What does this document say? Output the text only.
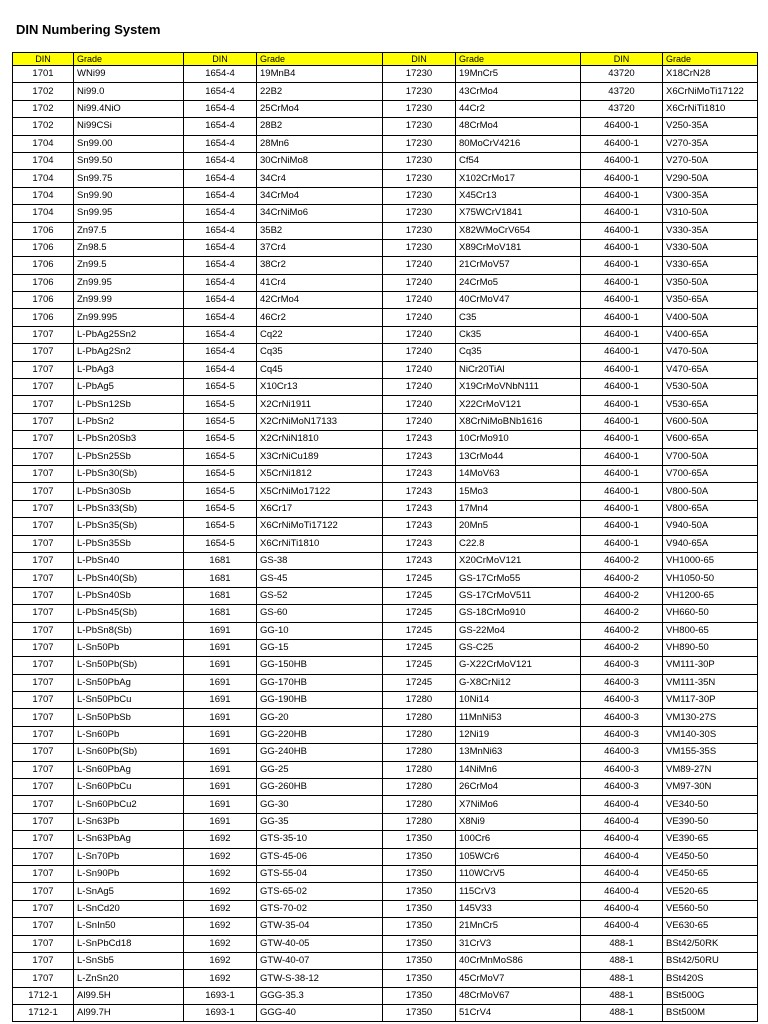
DIN Numbering System
DIN	Grade	DIN	Grade	DIN	Grade	DIN	Grade
1701	WNi99	1654-4	19MnB4	17230	19MnCr5	43720	X18CrN28
1702	Ni99.0	1654-4	22B2	17230	43CrMo4	43720	X6CrNiMoTi17122
1702	Ni99.4NiO	1654-4	25CrMo4	17230	44Cr2	43720	X6CrNiTi1810
1702	Ni99CSi	1654-4	28B2	17230	48CrMo4	46400-1	V250-35A
1704	Sn99.00	1654-4	28Mn6	17230	80MoCrV4216	46400-1	V270-35A
1704	Sn99.50	1654-4	30CrNiMo8	17230	Cf54	46400-1	V270-50A
1704	Sn99.75	1654-4	34Cr4	17230	X102CrMo17	46400-1	V290-50A
1704	Sn99.90	1654-4	34CrMo4	17230	X45Cr13	46400-1	V300-35A
1704	Sn99.95	1654-4	34CrNiMo6	17230	X75WCrV1841	46400-1	V310-50A
1706	Zn97.5	1654-4	35B2	17230	X82WMoCrV654	46400-1	V330-35A
1706	Zn98.5	1654-4	37Cr4	17230	X89CrMoV181	46400-1	V330-50A
1706	Zn99.5	1654-4	38Cr2	17240	21CrMoV57	46400-1	V330-65A
1706	Zn99.95	1654-4	41Cr4	17240	24CrMo5	46400-1	V350-50A
1706	Zn99.99	1654-4	42CrMo4	17240	40CrMoV47	46400-1	V350-65A
1706	Zn99.995	1654-4	46Cr2	17240	C35	46400-1	V400-50A
1707	L-PbAg25Sn2	1654-4	Cq22	17240	Ck35	46400-1	V400-65A
1707	L-PbAg2Sn2	1654-4	Cq35	17240	Cq35	46400-1	V470-50A
1707	L-PbAg3	1654-4	Cq45	17240	NiCr20TiAl	46400-1	V470-65A
1707	L-PbAg5	1654-5	X10Cr13	17240	X19CrMoVNbN111	46400-1	V530-50A
1707	L-PbSn12Sb	1654-5	X2CrNi1911	17240	X22CrMoV121	46400-1	V530-65A
1707	L-PbSn2	1654-5	X2CrNiMoN17133	17240	X8CrNiMoBNb1616	46400-1	V600-50A
1707	L-PbSn20Sb3	1654-5	X2CrNiN1810	17243	10CrMo910	46400-1	V600-65A
1707	L-PbSn25Sb	1654-5	X3CrNiCu189	17243	13CrMo44	46400-1	V700-50A
1707	L-PbSn30(Sb)	1654-5	X5CrNi1812	17243	14MoV63	46400-1	V700-65A
1707	L-PbSn30Sb	1654-5	X5CrNiMo17122	17243	15Mo3	46400-1	V800-50A
1707	L-PbSn33(Sb)	1654-5	X6Cr17	17243	17Mn4	46400-1	V800-65A
1707	L-PbSn35(Sb)	1654-5	X6CrNiMoTi17122	17243	20Mn5	46400-1	V940-50A
1707	L-PbSn35Sb	1654-5	X6CrNiTi1810	17243	C22.8	46400-1	V940-65A
1707	L-PbSn40	1681	GS-38	17243	X20CrMoV121	46400-2	VH1000-65
1707	L-PbSn40(Sb)	1681	GS-45	17245	GS-17CrMo55	46400-2	VH1050-50
1707	L-PbSn40Sb	1681	GS-52	17245	GS-17CrMoV511	46400-2	VH1200-65
1707	L-PbSn45(Sb)	1681	GS-60	17245	GS-18CrMo910	46400-2	VH660-50
1707	L-PbSn8(Sb)	1691	GG-10	17245	GS-22Mo4	46400-2	VH800-65
1707	L-Sn50Pb	1691	GG-15	17245	GS-C25	46400-2	VH890-50
1707	L-Sn50Pb(Sb)	1691	GG-150HB	17245	G-X22CrMoV121	46400-3	VM111-30P
1707	L-Sn50PbAg	1691	GG-170HB	17245	G-X8CrNi12	46400-3	VM111-35N
1707	L-Sn50PbCu	1691	GG-190HB	17280	10Ni14	46400-3	VM117-30P
1707	L-Sn50PbSb	1691	GG-20	17280	11MnNi53	46400-3	VM130-27S
1707	L-Sn60Pb	1691	GG-220HB	17280	12Ni19	46400-3	VM140-30S
1707	L-Sn60Pb(Sb)	1691	GG-240HB	17280	13MnNi63	46400-3	VM155-35S
1707	L-Sn60PbAg	1691	GG-25	17280	14NiMn6	46400-3	VM89-27N
1707	L-Sn60PbCu	1691	GG-260HB	17280	26CrMo4	46400-3	VM97-30N
1707	L-Sn60PbCu2	1691	GG-30	17280	X7NiMo6	46400-4	VE340-50
1707	L-Sn63Pb	1691	GG-35	17280	X8Ni9	46400-4	VE390-50
1707	L-Sn63PbAg	1692	GTS-35-10	17350	100Cr6	46400-4	VE390-65
1707	L-Sn70Pb	1692	GTS-45-06	17350	105WCr6	46400-4	VE450-50
1707	L-Sn90Pb	1692	GTS-55-04	17350	110WCrV5	46400-4	VE450-65
1707	L-SnAg5	1692	GTS-65-02	17350	115CrV3	46400-4	VE520-65
1707	L-SnCd20	1692	GTS-70-02	17350	145V33	46400-4	VE560-50
1707	L-SnIn50	1692	GTW-35-04	17350	21MnCr5	46400-4	VE630-65
1707	L-SnPbCd18	1692	GTW-40-05	17350	31CrV3	488-1	BSt42/50RK
1707	L-SnSb5	1692	GTW-40-07	17350	40CrMnMoS86	488-1	BSt42/50RU
1707	L-ZnSn20	1692	GTW-S-38-12	17350	45CrMoV7	488-1	BSt420S
1712-1	Al99.5H	1693-1	GGG-35.3	17350	48CrMoV67	488-1	BSt500G
1712-1	Al99.7H	1693-1	GGG-40	17350	51CrV4	488-1	BSt500M
